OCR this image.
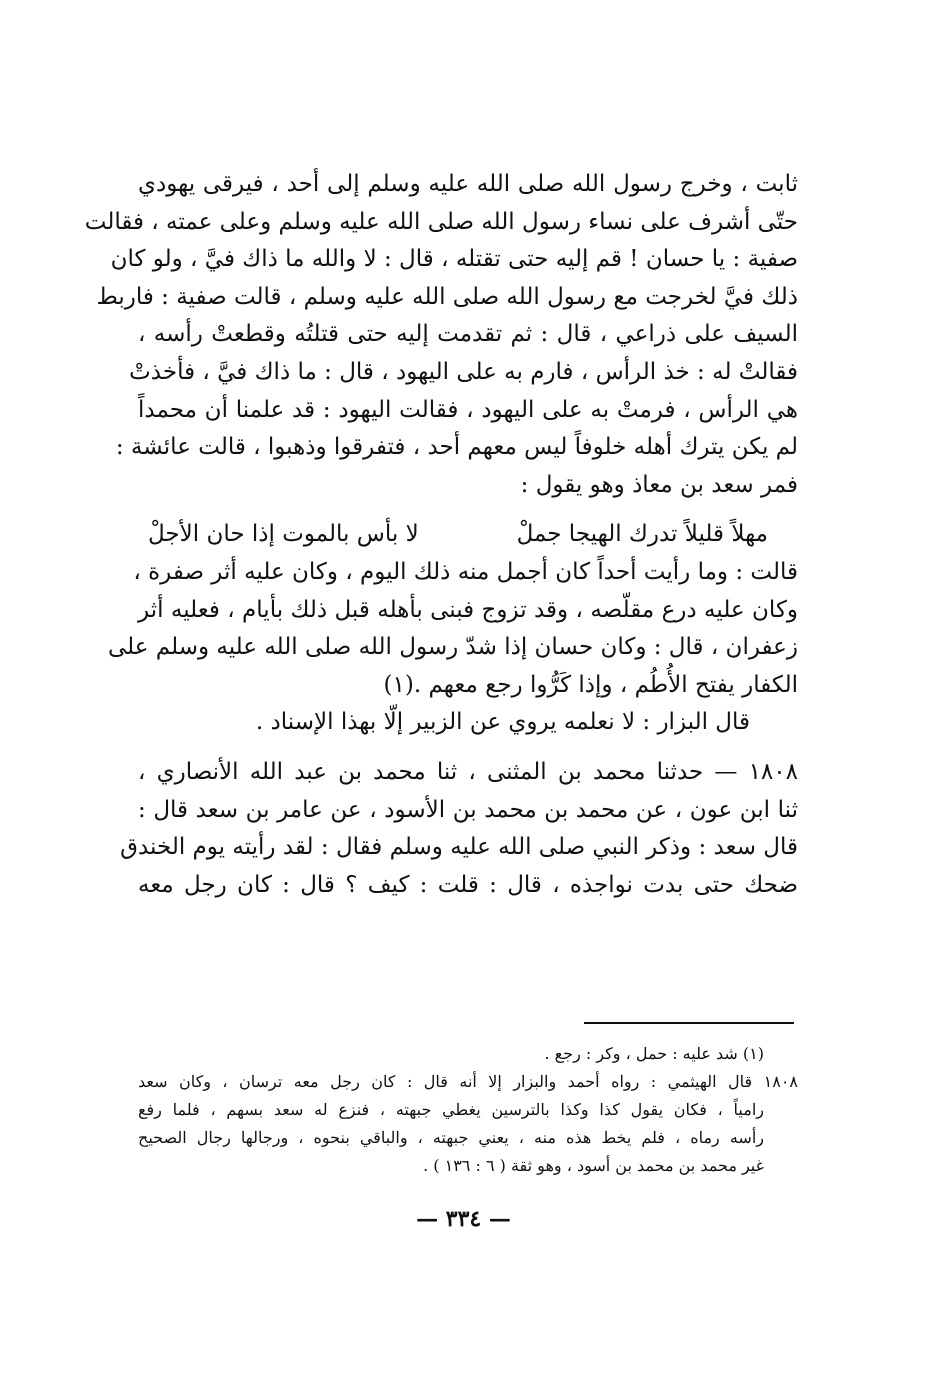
ثابت ، وخرج رسول الله صلى الله عليه وسلم إلى أحد ، فيرقى يهودي
حتّى أشرف على نساء رسول الله صلى الله عليه وسلم وعلى عمته ، فقالت
صفية : يا حسان ! قم إليه حتى تقتله ، قال : لا والله ما ذاك فيَّ ، ولو كان
ذلك فيَّ لخرجت مع رسول الله صلى الله عليه وسلم ، قالت صفية : فاربط
السيف على ذراعي ، قال : ثم تقدمت إليه حتى قتلتُه وقطعتْ رأسه ،
فقالتْ له : خذ الرأس ، فارم به على اليهود ، قال : ما ذاك فيَّ ، فأخذتْ
هي الرأس ، فرمتْ به على اليهود ، فقالت اليهود : قد علمنا أن محمداً
لم يكن يترك أهله خلوفاً ليس معهم أحد ، فتفرقوا وذهبوا ، قالت عائشة :
فمر سعد بن معاذ وهو يقول :
مهلاً قليلاً تدرك الهيجا جملْ
لا بأس بالموت إذا حان الأجلْ
قالت : وما رأيت أحداً كان أجمل منه ذلك اليوم ، وكان عليه أثر صفرة ،
وكان عليه درع مقلّصه ، وقد تزوج فبنى بأهله قبل ذلك بأيام ، فعليه أثر
زعفران ، قال : وكان حسان إذا شدّ رسول الله صلى الله عليه وسلم على
الكفار يفتح الأُطُم ، وإذا كَرُّوا رجع معهم .(١)
قال البزار : لا نعلمه يروي عن الزبير إلّا بهذا الإسناد .
١٨٠٨ — حدثنا محمد بن المثنى ، ثنا محمد بن عبد الله الأنصاري ،
ثنا ابن عون ، عن محمد بن محمد بن الأسود ، عن عامر بن سعد قال :
قال سعد : وذكر النبي صلى الله عليه وسلم فقال : لقد رأيته يوم الخندق
ضحك حتى بدت نواجذه ، قال : قلت : كيف ؟ قال : كان رجل معه
(١) شد عليه : حمل ، وكر : رجع .
١٨٠٨ قال الهيثمي : رواه أحمد والبزار إلا أنه قال : كان رجل معه ترسان ، وكان سعد
رامياً ، فكان يقول كذا وكذا بالترسين يغطي جبهته ، فنزع له سعد بسهم ، فلما رفع
رأسه رماه ، فلم يخط هذه منه ، يعني جبهته ، والباقي بنحوه ، ورجالها رجال الصحيح
غير محمد بن محمد بن أسود ، وهو ثقة ( ٦ : ١٣٦ ) .
— ٣٣٤ —
